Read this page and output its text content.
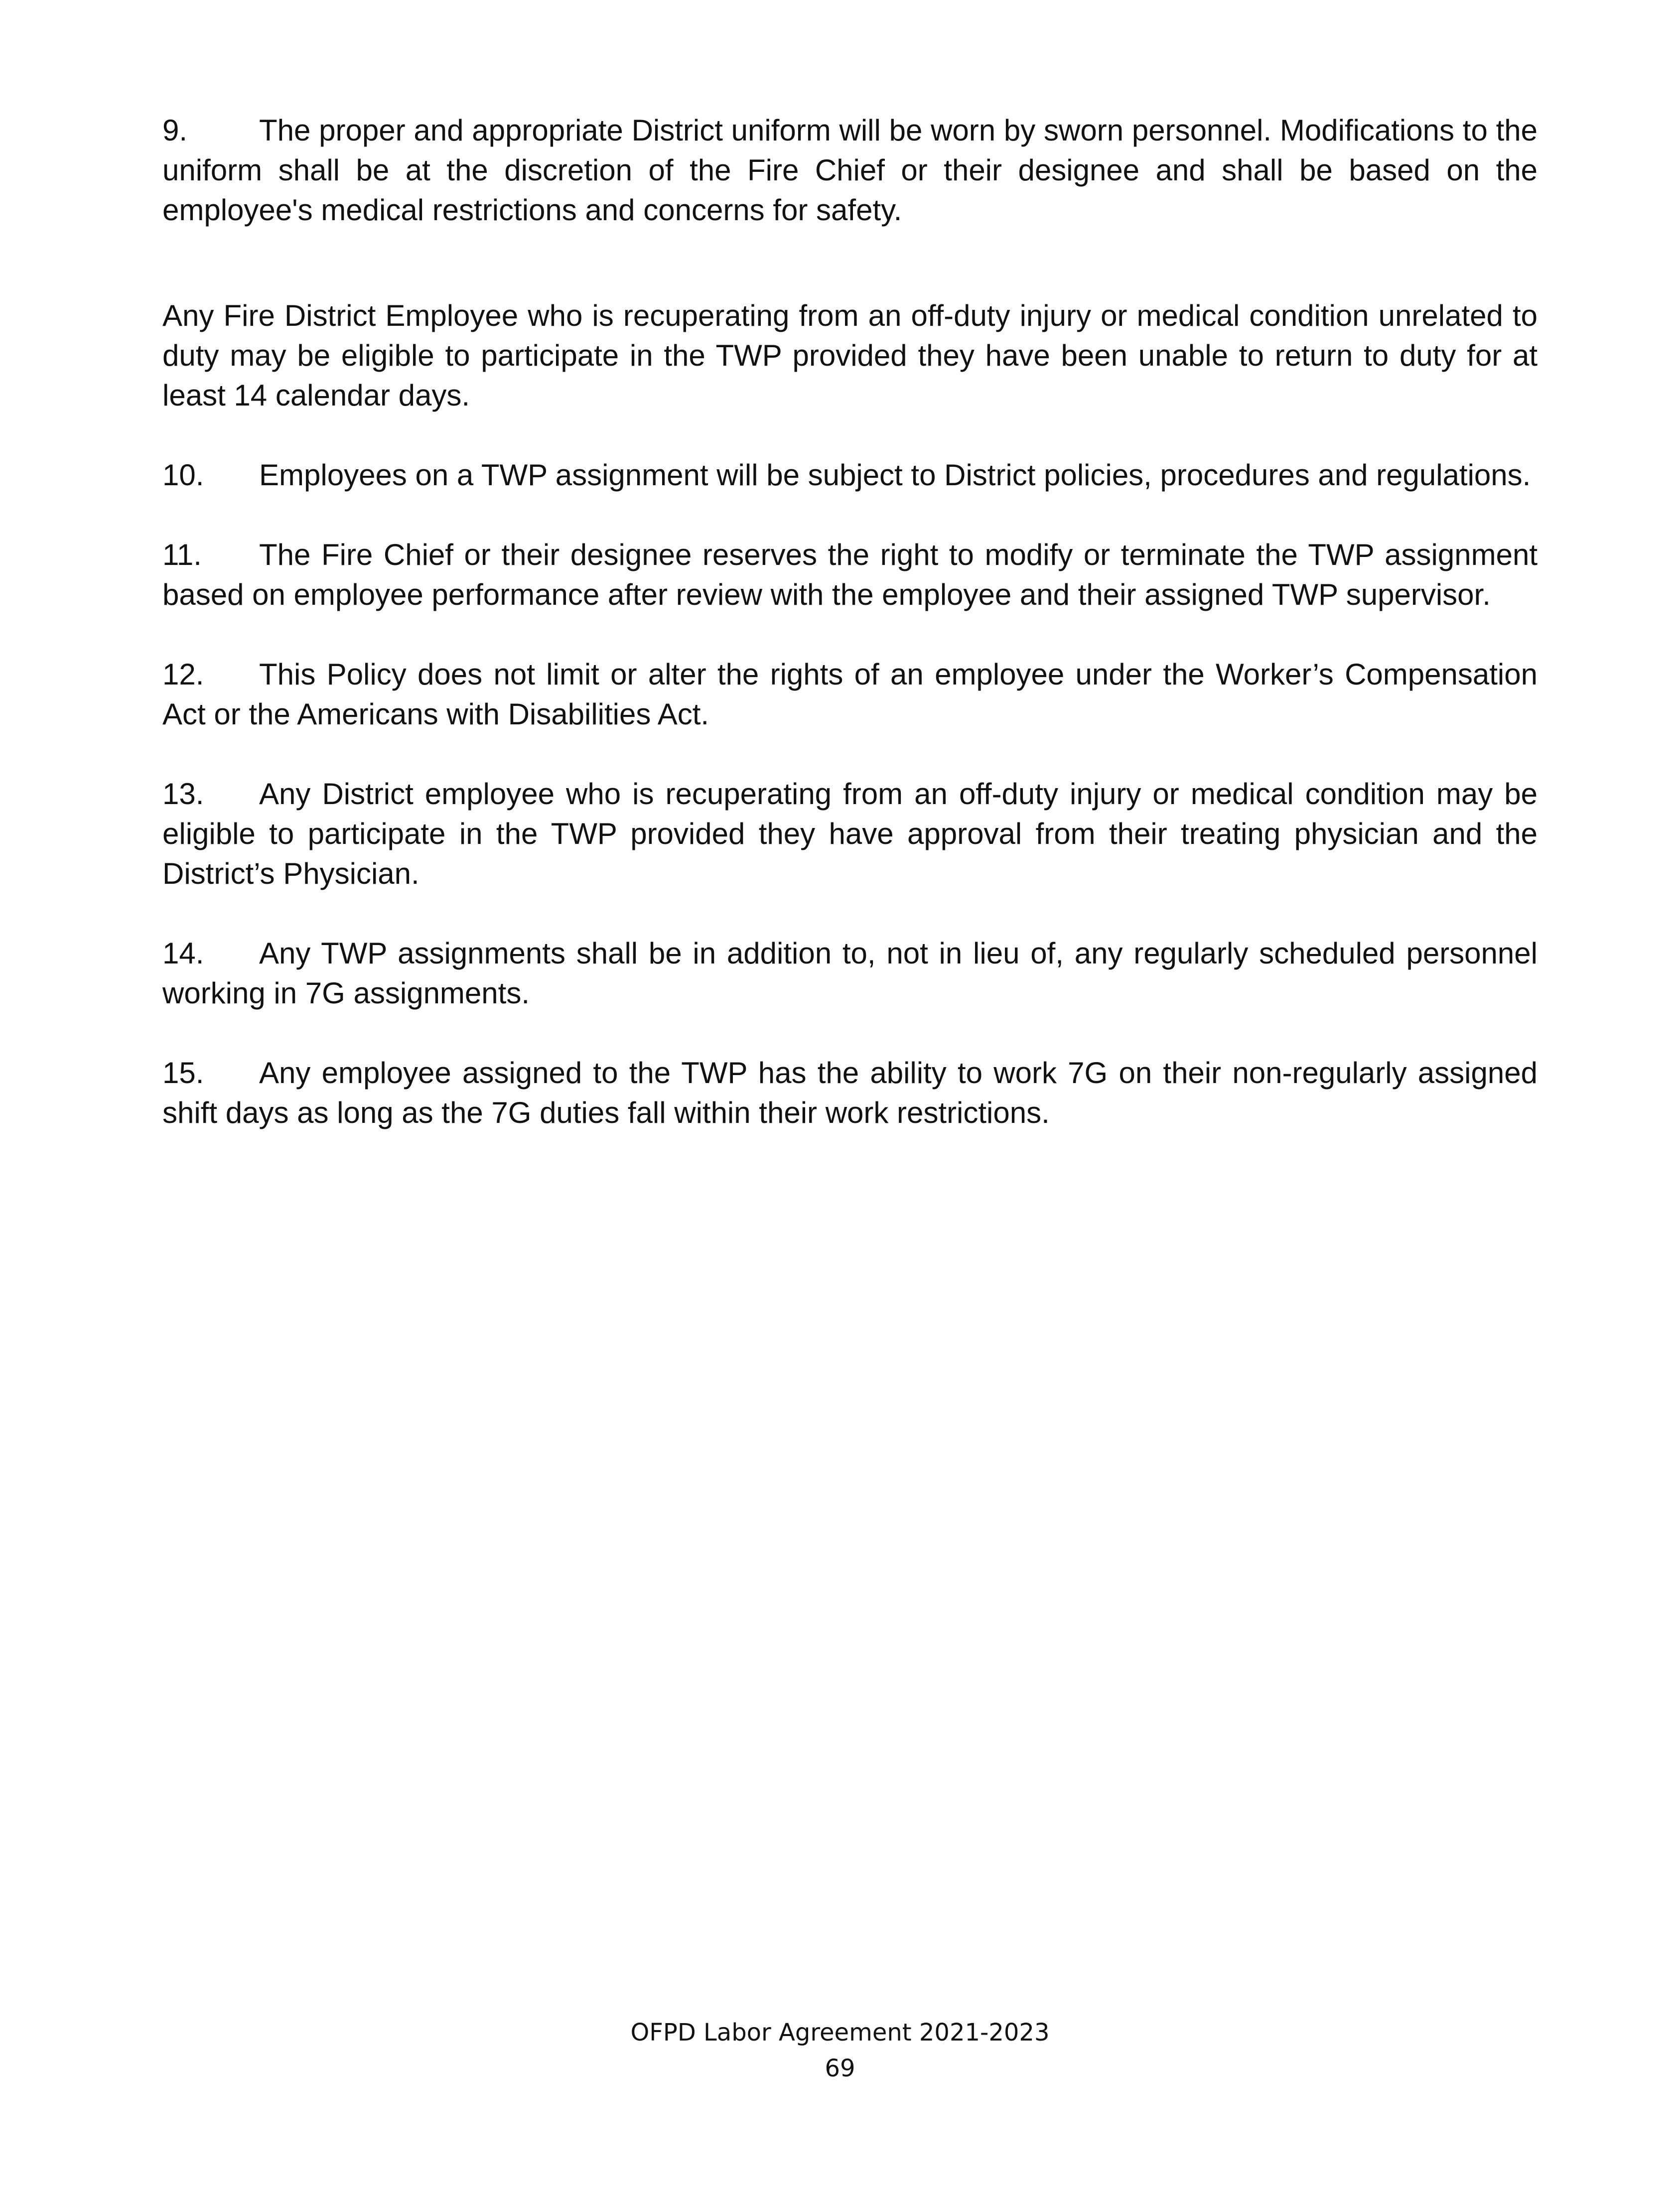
9. The proper and appropriate District uniform will be worn by sworn personnel. Modifications to the uniform shall be at the discretion of the Fire Chief or their designee and shall be based on the employee's medical restrictions and concerns for safety.

Any Fire District Employee who is recuperating from an off-duty injury or medical condition unrelated to duty may be eligible to participate in the TWP provided they have been unable to return to duty for at least 14 calendar days.

10. Employees on a TWP assignment will be subject to District policies, procedures and regulations.

11. The Fire Chief or their designee reserves the right to modify or terminate the TWP assignment based on employee performance after review with the employee and their assigned TWP supervisor.

12. This Policy does not limit or alter the rights of an employee under the Worker’s Compensation Act or the Americans with Disabilities Act.

13. Any District employee who is recuperating from an off-duty injury or medical condition may be eligible to participate in the TWP provided they have approval from their treating physician and the District’s Physician.

14. Any TWP assignments shall be in addition to, not in lieu of, any regularly scheduled personnel working in 7G assignments.

15. Any employee assigned to the TWP has the ability to work 7G on their non-regularly assigned shift days as long as the 7G duties fall within their work restrictions.

OFPD Labor Agreement 2021-2023
69
